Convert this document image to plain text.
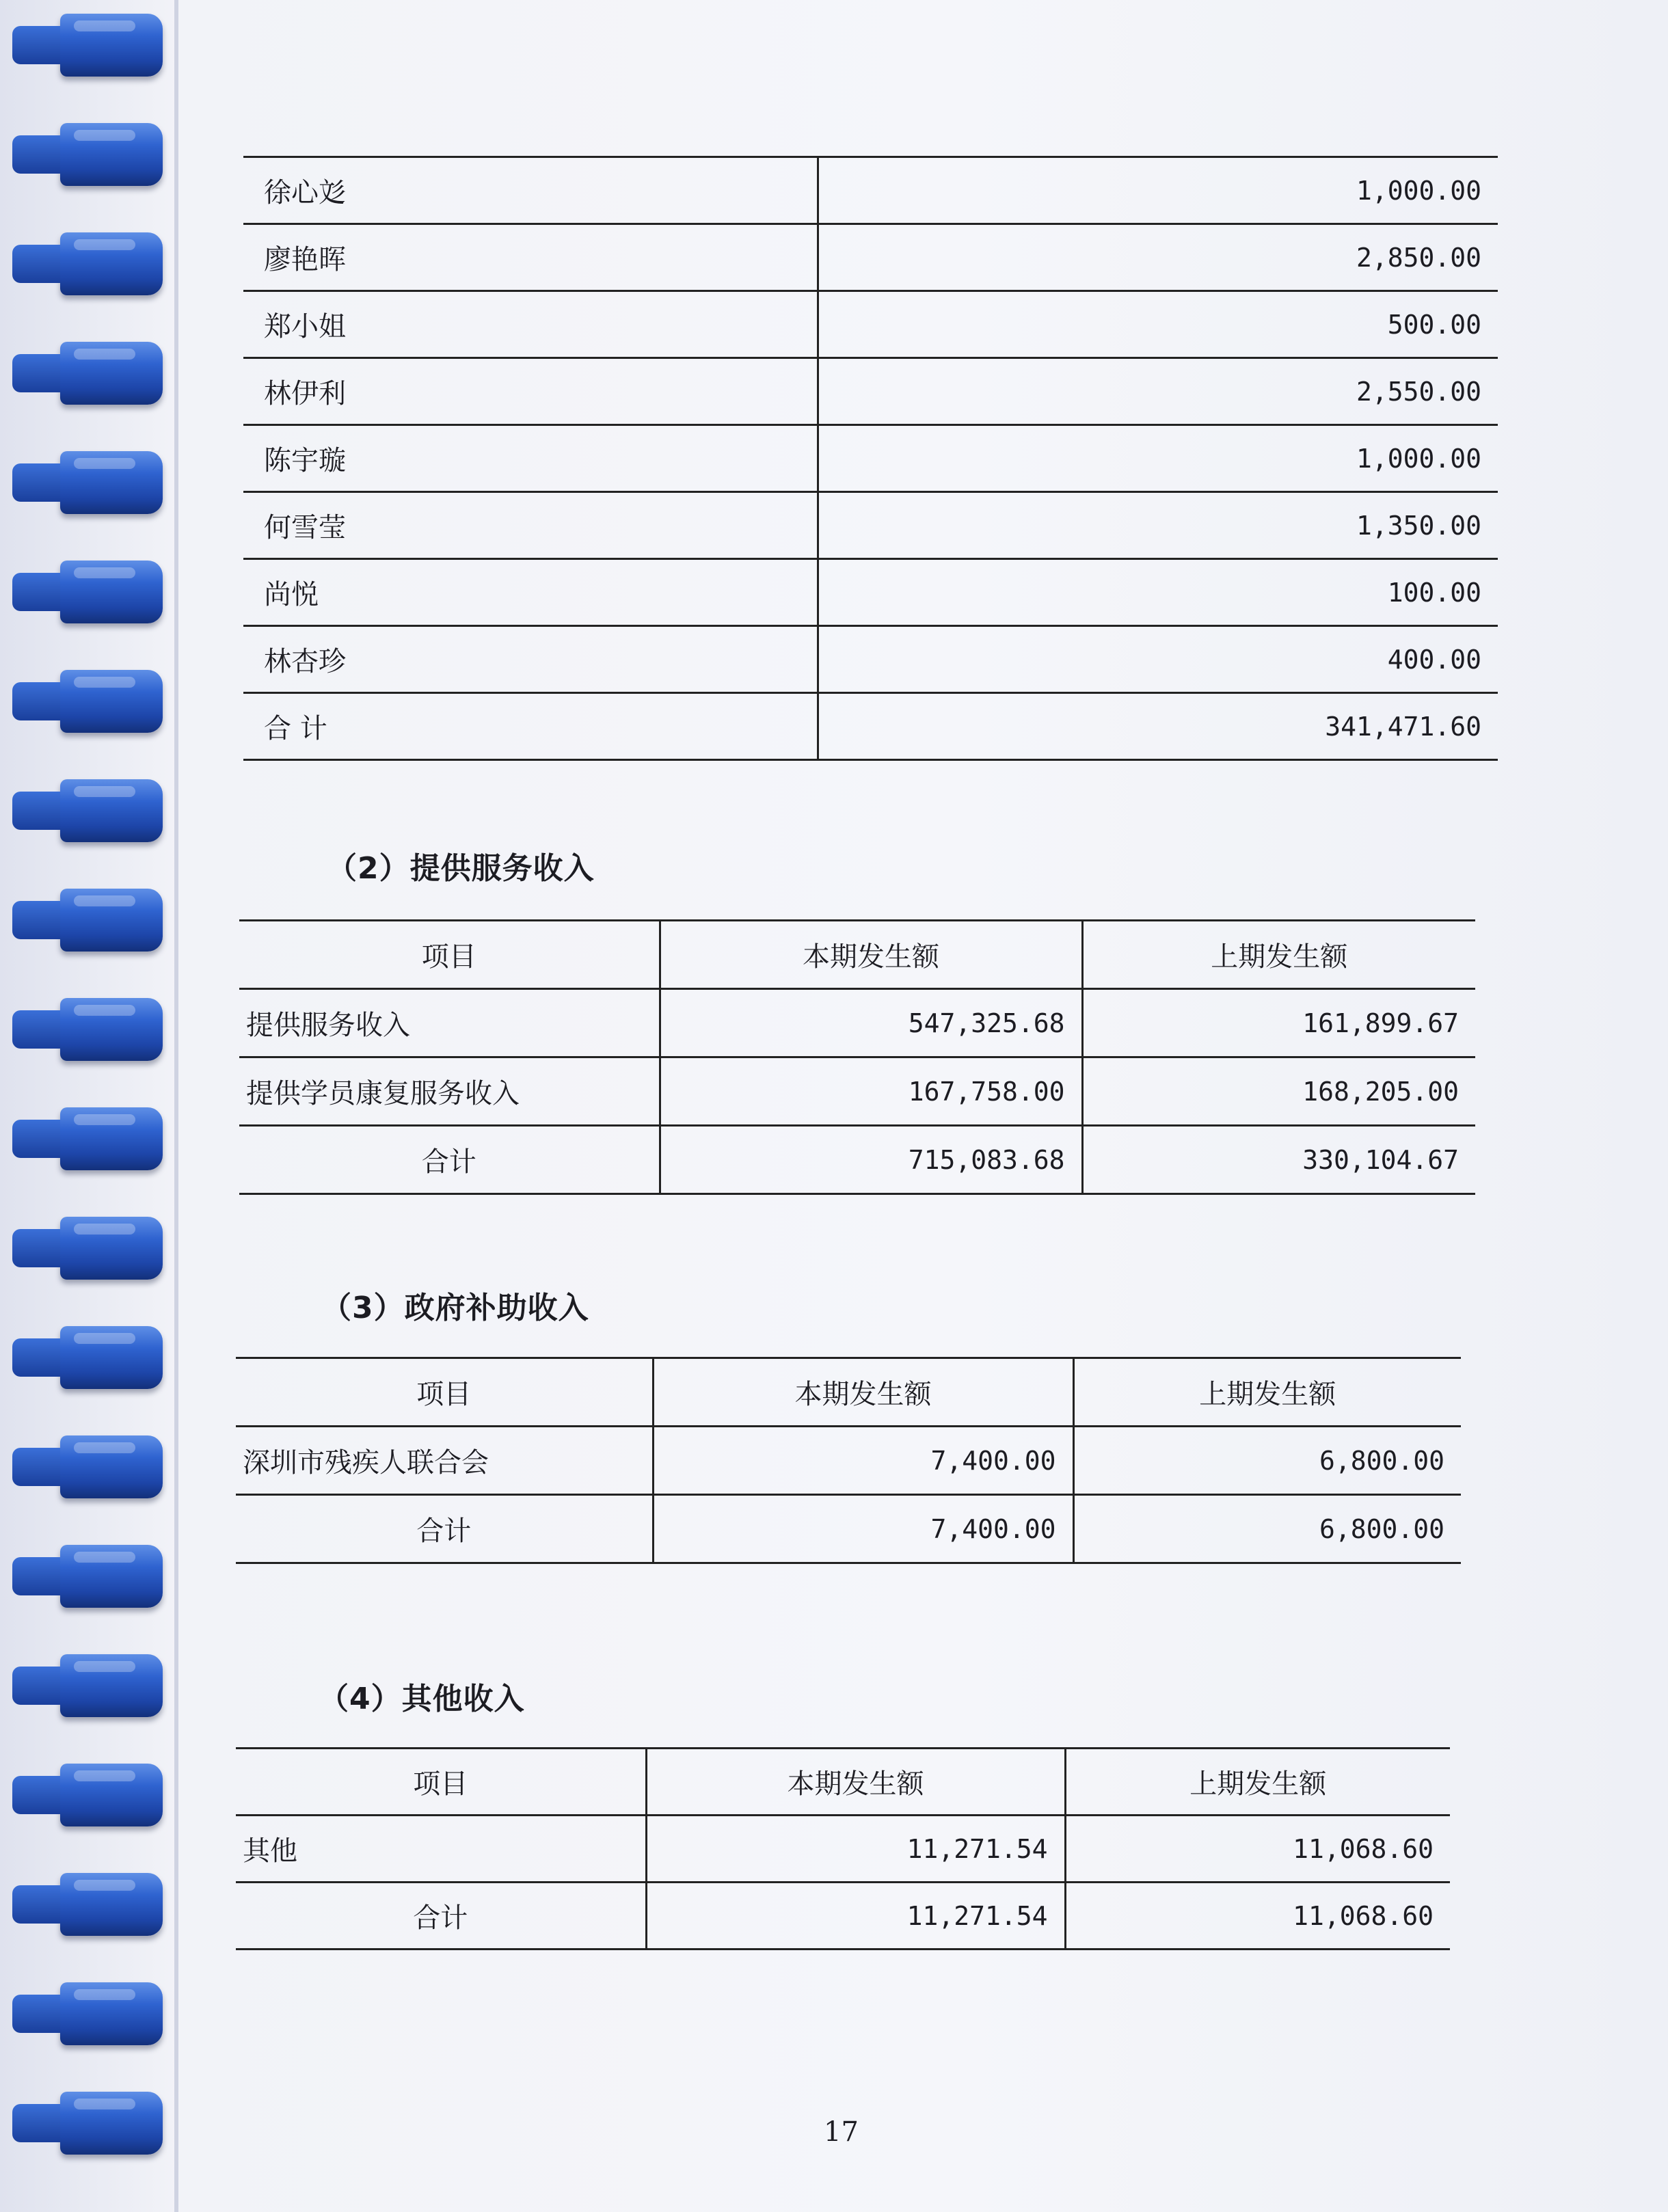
徐心彣	1,000.00
廖艳晖	2,850.00
郑小姐	500.00
林伊利	2,550.00
陈宇璇	1,000.00
何雪莹	1,350.00
尚悦	100.00
林杏珍	400.00
合 计	341,471.60
（2）提供服务收入
项目	本期发生额	上期发生额
提供服务收入	547,325.68	161,899.67
提供学员康复服务收入	167,758.00	168,205.00
合计	715,083.68	330,104.67
（3）政府补助收入
项目	本期发生额	上期发生额
深圳市残疾人联合会	7,400.00	6,800.00
合计	7,400.00	6,800.00
（4）其他收入
项目	本期发生额	上期发生额
其他	11,271.54	11,068.60
合计	11,271.54	11,068.60
17
